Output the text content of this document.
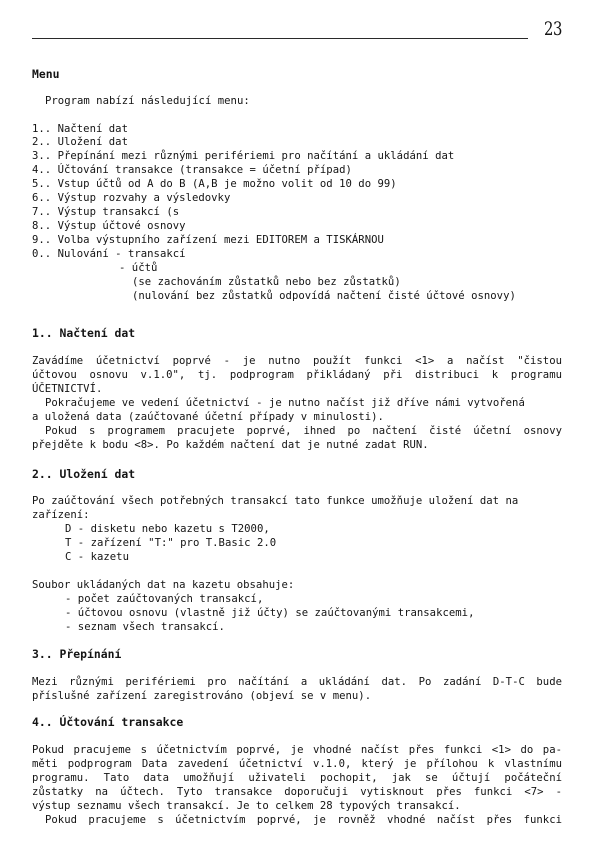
23
Menu
Program nabízí následující menu:
1.. Načtení dat
2.. Uložení dat
3.. Přepínání mezi různými perifériemi pro načítání a ukládání dat
4.. Účtování transakce (transakce = účetní případ)
5.. Vstup účtů od A do B (A,B je možno volit od 10 do 99)
6.. Výstup rozvahy a výsledovky
7.. Výstup transakcí (s
8.. Výstup účtové osnovy
9.. Volba výstupního zařízení mezi EDITOREM a TISKÁRNOU
0.. Nulování - transakcí
- účtů
(se zachováním zůstatků nebo bez zůstatků)
(nulování bez zůstatků odpovídá načtení čisté účtové osnovy)
1.. Načtení dat
Zavádíme účetnictví poprvé - je nutno použít funkci <1> a načíst "čistou
účtovou osnovu v.1.0", tj. podprogram přikládaný při distribuci k programu
ÚČETNICTVÍ.
Pokračujeme ve vedení účetnictví - je nutno načíst již dříve námi vytvořená
a uložená data (zaúčtované účetní případy v minulosti).
Pokud s programem pracujete poprvé, ihned po načtení čisté účetní osnovy
přejděte k bodu <8>. Po každém načtení dat je nutné zadat RUN.
2.. Uložení dat
Po zaúčtování všech potřebných transakcí tato funkce umožňuje uložení dat na
zařízení:
D - disketu nebo kazetu s T2000,
T - zařízení "T:" pro T.Basic 2.0
C - kazetu
Soubor ukládaných dat na kazetu obsahuje:
- počet zaúčtovaných transakcí,
- účtovou osnovu (vlastně již účty) se zaúčtovanými transakcemi,
- seznam všech transakcí.
3.. Přepínání
Mezi různými perifériemi pro načítání a ukládání dat. Po zadání D-T-C bude
příslušné zařízení zaregistrováno (objeví se v menu).
4.. Účtování transakce
Pokud pracujeme s účetnictvím poprvé, je vhodné načíst přes funkci <1> do pa-
měti podprogram Data zavedení účetnictví v.1.0, který je přílohou k vlastnímu
programu. Tato data umožňují uživateli pochopit, jak se účtují počáteční
zůstatky na účtech. Tyto transakce doporučuji vytisknout přes funkci <7> -
výstup seznamu všech transakcí. Je to celkem 28 typových transakcí.
Pokud pracujeme s účetnictvím poprvé, je rovněž vhodné načíst přes funkci
